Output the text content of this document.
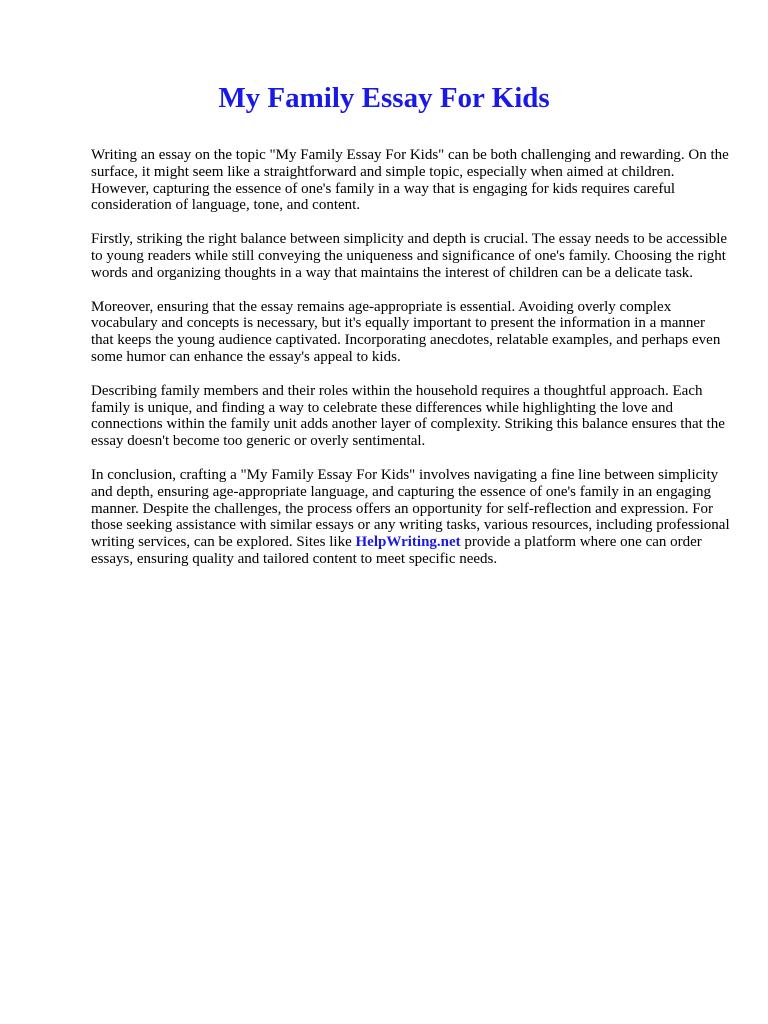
My Family Essay For Kids

Writing an essay on the topic "My Family Essay For Kids" can be both challenging and rewarding. On the surface, it might seem like a straightforward and simple topic, especially when aimed at children. However, capturing the essence of one's family in a way that is engaging for kids requires careful consideration of language, tone, and content.

Firstly, striking the right balance between simplicity and depth is crucial. The essay needs to be accessible to young readers while still conveying the uniqueness and significance of one's family. Choosing the right words and organizing thoughts in a way that maintains the interest of children can be a delicate task.

Moreover, ensuring that the essay remains age-appropriate is essential. Avoiding overly complex vocabulary and concepts is necessary, but it's equally important to present the information in a manner that keeps the young audience captivated. Incorporating anecdotes, relatable examples, and perhaps even some humor can enhance the essay's appeal to kids.

Describing family members and their roles within the household requires a thoughtful approach. Each family is unique, and finding a way to celebrate these differences while highlighting the love and connections within the family unit adds another layer of complexity. Striking this balance ensures that the essay doesn't become too generic or overly sentimental.

In conclusion, crafting a "My Family Essay For Kids" involves navigating a fine line between simplicity and depth, ensuring age-appropriate language, and capturing the essence of one's family in an engaging manner. Despite the challenges, the process offers an opportunity for self-reflection and expression. For those seeking assistance with similar essays or any writing tasks, various resources, including professional writing services, can be explored. Sites like HelpWriting.net provide a platform where one can order essays, ensuring quality and tailored content to meet specific needs.
